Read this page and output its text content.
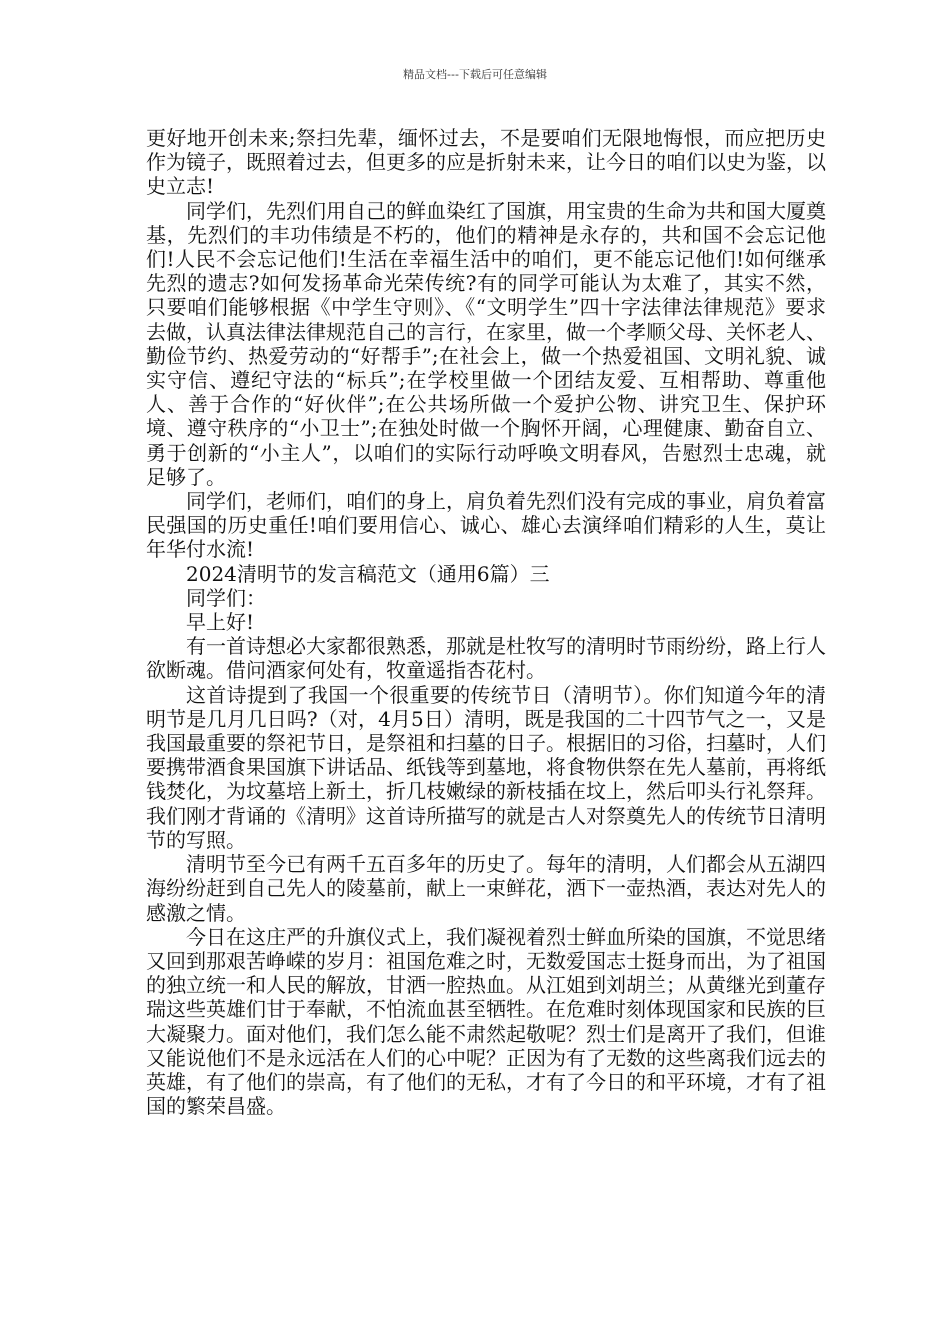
精品文档---下载后可任意编辑

更好地开创未来;祭扫先辈，缅怀过去，不是要咱们无限地悔恨，而应把历史作为镜子，既照着过去，但更多的应是折射未来，让今日的咱们以史为鉴，以史立志!

同学们，先烈们用自己的鲜血染红了国旗，用宝贵的生命为共和国大厦奠基，先烈们的丰功伟绩是不朽的，他们的精神是永存的，共和国不会忘记他们!人民不会忘记他们!生活在幸福生活中的咱们，更不能忘记他们!如何继承先烈的遗志?如何发扬革命光荣传统?有的同学可能认为太难了，其实不然，只要咱们能够根据《中学生守则》、《“文明学生”四十字法律法律规范》要求去做，认真法律法律规范自己的言行，在家里，做一个孝顺父母、关怀老人、勤俭节约、热爱劳动的“好帮手”;在社会上，做一个热爱祖国、文明礼貌、诚实守信、遵纪守法的“标兵”;在学校里做一个团结友爱、互相帮助、尊重他人、善于合作的“好伙伴”;在公共场所做一个爱护公物、讲究卫生、保护环境、遵守秩序的“小卫士”;在独处时做一个胸怀开阔，心理健康、勤奋自立、勇于创新的“小主人”，以咱们的实际行动呼唤文明春风，告慰烈士忠魂，就足够了。

同学们，老师们，咱们的身上，肩负着先烈们没有完成的事业，肩负着富民强国的历史重任!咱们要用信心、诚心、雄心去演绎咱们精彩的人生，莫让年华付水流!

2024清明节的发言稿范文（通用6篇）三

同学们：

早上好!

有一首诗想必大家都很熟悉，那就是杜牧写的清明时节雨纷纷，路上行人欲断魂。借问酒家何处有，牧童遥指杏花村。

这首诗提到了我国一个很重要的传统节日（清明节）。你们知道今年的清明节是几月几日吗?（对，4月5日）清明，既是我国的二十四节气之一，又是我国最重要的祭祀节日，是祭祖和扫墓的日子。根据旧的习俗，扫墓时，人们要携带酒食果国旗下讲话品、纸钱等到墓地，将食物供祭在先人墓前，再将纸钱焚化，为坟墓培上新土，折几枝嫩绿的新枝插在坟上，然后叩头行礼祭拜。我们刚才背诵的《清明》这首诗所描写的就是古人对祭奠先人的传统节日清明节的写照。

清明节至今已有两千五百多年的历史了。每年的清明，人们都会从五湖四海纷纷赶到自己先人的陵墓前，献上一束鲜花，洒下一壶热酒，表达对先人的感激之情。

今日在这庄严的升旗仪式上，我们凝视着烈士鲜血所染的国旗，不觉思绪又回到那艰苦峥嵘的岁月：祖国危难之时，无数爱国志士挺身而出，为了祖国的独立统一和人民的解放，甘洒一腔热血。从江姐到刘胡兰；从黄继光到董存瑞这些英雄们甘于奉献，不怕流血甚至牺牲。在危难时刻体现国家和民族的巨大凝聚力。面对他们，我们怎么能不肃然起敬呢？烈士们是离开了我们，但谁又能说他们不是永远活在人们的心中呢？正因为有了无数的这些离我们远去的英雄，有了他们的崇高，有了他们的无私，才有了今日的和平环境，才有了祖国的繁荣昌盛。
